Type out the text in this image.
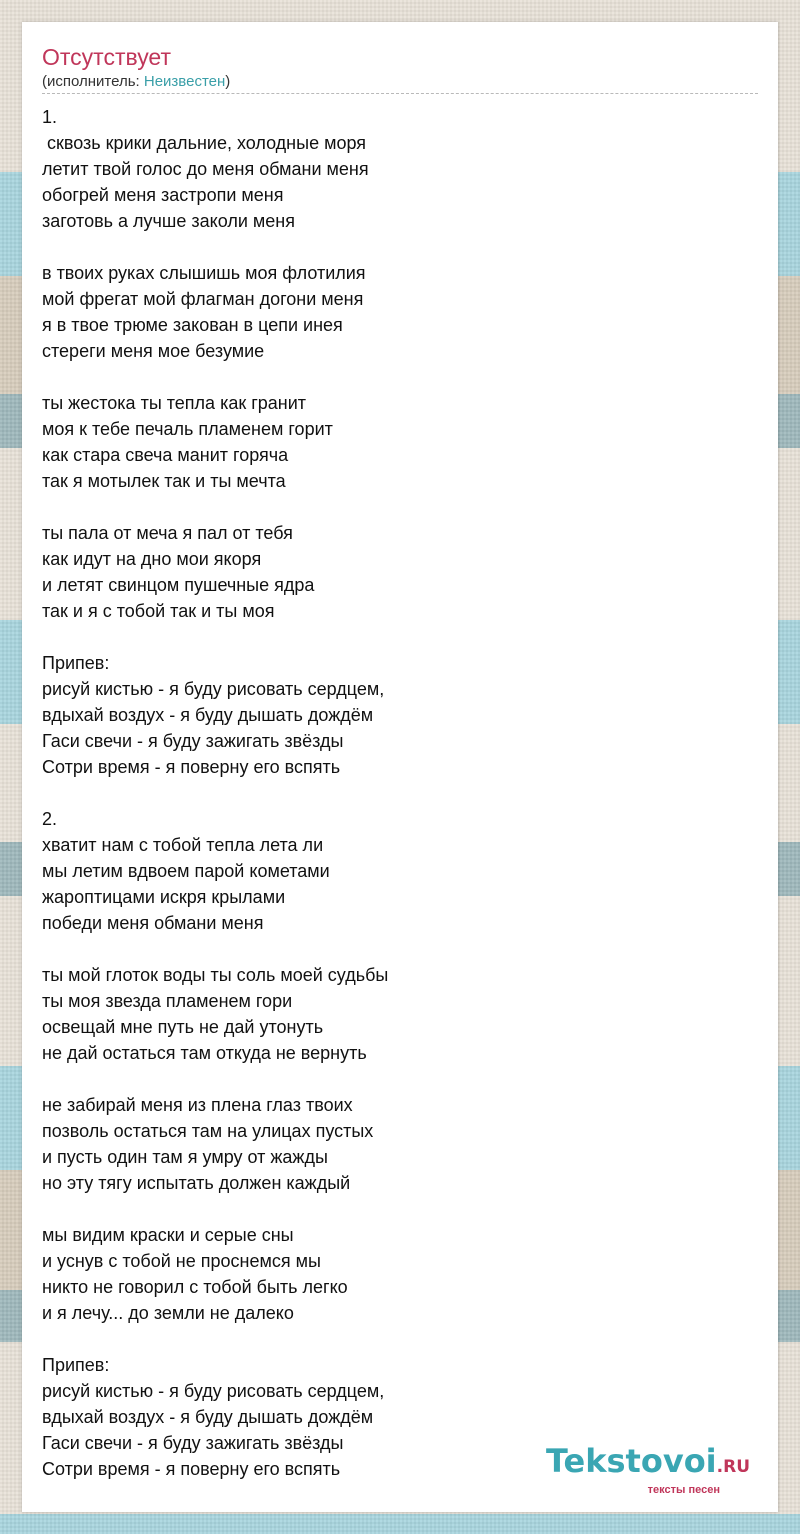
Отсутствует
(исполнитель: Неизвестен)
1.
сквозь крики дальние, холодные моря
летит твой голос до меня обмани меня
обогрей меня застропи меня
заготовь а лучше заколи меня
в твоих руках слышишь моя флотилия
мой фрегат мой флагман догони меня
я в твое трюме закован в цепи инея
стереги меня мое безумие
ты жестока ты тепла как гранит
моя к тебе печаль пламенем горит
как стара свеча манит горяча
так я мотылек так и ты мечта
ты пала от меча я пал от тебя
как идут на дно мои якоря
и летят свинцом пушечные ядра
так и я с тобой так и ты моя
Припев:
рисуй кистью - я буду рисовать сердцем,
вдыхай воздух - я буду дышать дождём
Гаси свечи - я буду зажигать звёзды
Сотри время - я поверну его вспять
2.
хватит нам с тобой тепла лета ли
мы летим вдвоем парой кометами
жароптицами искря крылами
победи меня обмани меня
ты мой глоток воды ты соль моей судьбы
ты моя звезда пламенем гори
освещай мне путь не дай утонуть
не дай остаться там откуда не вернуть
не забирай меня из плена глаз твоих
позволь остаться там на улицах пустых
и пусть один там я умру от жажды
но эту тягу испытать должен каждый
мы видим краски и серые сны
и уснув с тобой не проснемся мы
никто не говорил с тобой быть легко
и я лечу... до земли не далеко
Припев:
рисуй кистью - я буду рисовать сердцем,
вдыхай воздух - я буду дышать дождём
Гаси свечи - я буду зажигать звёзды
Сотри время - я поверну его вспять	Tekstovoi.RU
тексты песен
